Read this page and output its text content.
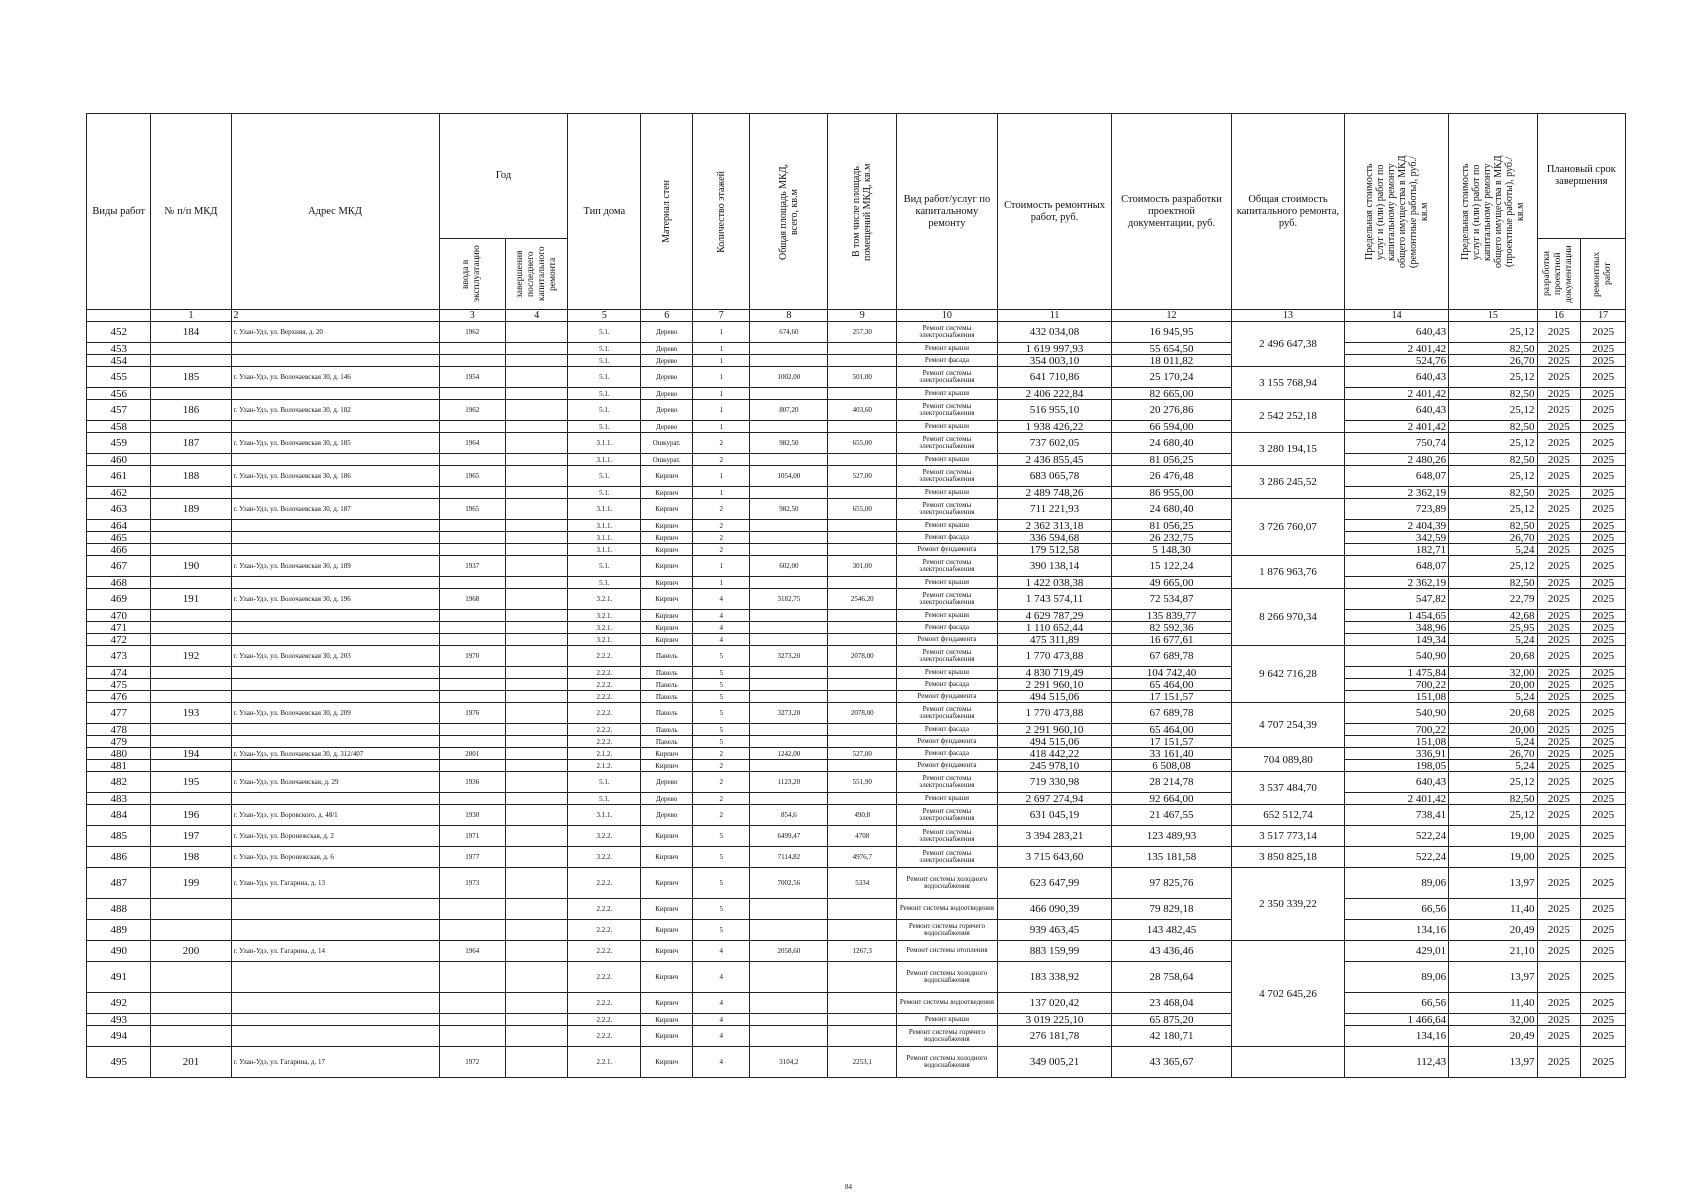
Виды работ	№ п/п МКД	Адрес МКД	Год		Тип дома	Материал стен	Количество этажей	Общая площадь МКД, всего, кв.м	В том числе площадь помещений МКД, кв.м	Вид работ/услуг по капитальному ремонту	Стоимость ремонтных работ, руб.	Стоимость разработки проектной документации, руб.	Общая стоимость капитального ремонта, руб.	Предельная стоимость услуг и (или) работ по капитальному ремонту общего имущества в МКД (ремонтные работы), руб./кв.м	Предельная стоимость услуг и (или) работ по капитальному ремонту общего имущества в МКД (проектные работы), руб./кв.м	Плановый срок завершения	

			ввода в эксплуатацию	завершения последнего капитального ремонта												разработки проектной документации	ремонтных работ

	1	2	3	4	5	6	7	8	9	10	11	12	13	14	15	16	17
452	184	г. Улан-Удэ, ул. Верхняя, д. 20	1962		5.1.	Дерево	1	674,60	257,30	Ремонт системы электроснабжения	432 034,08	16 945,95	2 496 647,38	640,43	25,12	2025	2025
453					5.1.	Дерево	1			Ремонт крыши	1 619 997,93	55 654,50		2 401,42	82,50	2025	2025
454					5.1.	Дерево	1			Ремонт фасада	354 003,10	18 011,82		524,76	26,70	2025	2025
455	185	г. Улан-Удэ, ул. Волочаевская 30, д. 146	1954		5.1.	Дерево	1	1002,00	501,00	Ремонт системы электроснабжения	641 710,86	25 170,24	3 155 768,94	640,43	25,12	2025	2025
456					5.1.	Дерево	1			Ремонт крыши	2 406 222,84	82 665,00		2 401,42	82,50	2025	2025
457	186	г. Улан-Удэ, ул. Волочаевская 30, д. 182	1962		5.1.	Дерево	1	807,20	403,60	Ремонт системы электроснабжения	516 955,10	20 276,86	2 542 252,18	640,43	25,12	2025	2025
458					5.1.	Дерево	1			Ремонт крыши	1 938 426,22	66 594,00		2 401,42	82,50	2025	2025
459	187	г. Улан-Удэ, ул. Волочаевская 30, д. 185	1964		3.1.1.	Ошкурат.	2	982,50	655,00	Ремонт системы электроснабжения	737 602,05	24 680,40	3 280 194,15	750,74	25,12	2025	2025
460					3.1.1.	Ошкурат.	2			Ремонт крыши	2 436 855,45	81 056,25		2 480,26	82,50	2025	2025
461	188	г. Улан-Удэ, ул. Волочаевская 30, д. 186	1965		5.1.	Кирпич	1	1054,00	527,00	Ремонт системы электроснабжения	683 065,78	26 476,48	3 286 245,52	648,07	25,12	2025	2025
462					5.1.	Кирпич	1			Ремонт крыши	2 489 748,26	86 955,00		2 362,19	82,50	2025	2025
463	189	г. Улан-Удэ, ул. Волочаевская 30, д. 187	1965		3.1.1.	Кирпич	2	982,50	655,00	Ремонт системы электроснабжения	711 221,93	24 680,40	3 726 760,07	723,89	25,12	2025	2025
464					3.1.1.	Кирпич	2			Ремонт крыши	2 362 313,18	81 056,25		2 404,39	82,50	2025	2025
465					3.1.1.	Кирпич	2			Ремонт фасада	336 594,68	26 232,75		342,59	26,70	2025	2025
466					3.1.1.	Кирпич	2			Ремонт фундамента	179 512,58	5 148,30		182,71	5,24	2025	2025
467	190	г. Улан-Удэ, ул. Волочаевская 30, д. 189	1937		5.1.	Кирпич	1	602,00	301,00	Ремонт системы электроснабжения	390 138,14	15 122,24	1 876 963,76	648,07	25,12	2025	2025
468					5.1.	Кирпич	1			Ремонт крыши	1 422 038,38	49 665,00		2 362,19	82,50	2025	2025
469	191	г. Улан-Удэ, ул. Волочаевская 30, д. 196	1968		3.2.1.	Кирпич	4	3182,75	2546,20	Ремонт системы электроснабжения	1 743 574,11	72 534,87	8 266 970,34	547,82	22,79	2025	2025
470					3.2.1.	Кирпич	4			Ремонт крыши	4 629 787,29	135 839,77		1 454,65	42,68	2025	2025
471					3.2.1.	Кирпич	4			Ремонт фасада	1 110 652,44	82 592,36		348,96	25,95	2025	2025
472					3.2.1.	Кирпич	4			Ремонт фундамента	475 311,89	16 677,61		149,34	5,24	2025	2025
473	192	г. Улан-Удэ, ул. Волочаевская 30, д. 203	1970		2.2.2.	Панель	5	3273,20	2078,00	Ремонт системы электроснабжения	1 770 473,88	67 689,78	9 642 716,28	540,90	20,68	2025	2025
474					2.2.2.	Панель	5			Ремонт крыши	4 830 719,49	104 742,40		1 475,84	32,00	2025	2025
475					2.2.2.	Панель	5			Ремонт фасада	2 291 960,10	65 464,00		700,22	20,00	2025	2025
476					2.2.2.	Панель	5			Ремонт фундамента	494 515,06	17 151,57		151,08	5,24	2025	2025
477	193	г. Улан-Удэ, ул. Волочаевская 30, д. 209	1976		2.2.2.	Панель	5	3273,20	2078,00	Ремонт системы электроснабжения	1 770 473,88	67 689,78	4 707 254,39	540,90	20,68	2025	2025
478					2.2.2.	Панель	5			Ремонт фасада	2 291 960,10	65 464,00		700,22	20,00	2025	2025
479					2.2.2.	Панель	5			Ремонт фундамента	494 515,06	17 151,57		151,08	5,24	2025	2025
480	194	г. Улан-Удэ, ул. Волочаевская 30, д. 312/407	2001		2.1.2.	Кирпич	2	1242,00	527,00	Ремонт фасада	418 442,22	33 161,40	704 089,80	336,91	26,70	2025	2025
481					2.1.2.	Кирпич	2			Ремонт фундамента	245 978,10	6 508,08		198,05	5,24	2025	2025
482	195	г. Улан-Удэ, ул. Волочаевская, д. 29	1936		5.1.	Дерево	2	1123,20	551,90	Ремонт системы электроснабжения	719 330,98	28 214,78	3 537 484,70	640,43	25,12	2025	2025
483					5.1.	Дерево	2			Ремонт крыши	2 697 274,94	92 664,00		2 401,42	82,50	2025	2025
484	196	г. Улан-Удэ, ул. Воровского, д. 48/1	1930		3.1.1.	Дерево	2	854,6	490,8	Ремонт системы электроснабжения	631 045,19	21 467,55	652 512,74	738,41	25,12	2025	2025
485	197	г. Улан-Удэ, ул. Воронежская, д. 2	1971		3.2.2.	Кирпич	5	6499,47	4708	Ремонт системы электроснабжения	3 394 283,21	123 489,93	3 517 773,14	522,24	19,00	2025	2025
486	198	г. Улан-Удэ, ул. Воронежская, д. 6	1977		3.2.2.	Кирпич	5	7114,82	4976,7	Ремонт системы электроснабжения	3 715 643,60	135 181,58	3 850 825,18	522,24	19,00	2025	2025
487	199	г. Улан-Удэ, ул. Гагарина, д. 13	1973		2.2.2.	Кирпич	5	7002,56	5334	Ремонт системы холодного водоснабжения	623 647,99	97 825,76	2 350 339,22	89,06	13,97	2025	2025
488					2.2.2.	Кирпич	5			Ремонт системы водоотведения	466 090,39	79 829,18		66,56	11,40	2025	2025
489					2.2.2.	Кирпич	5			Ремонт системы горячего водоснабжения	939 463,45	143 482,45		134,16	20,49	2025	2025
490	200	г. Улан-Удэ, ул. Гагарина, д. 14	1964		2.2.2.	Кирпич	4	2058,60	1267,3	Ремонт системы отопления	883 159,99	43 436,46	4 702 645,26	429,01	21,10	2025	2025
491					2.2.2.	Кирпич	4			Ремонт системы холодного водоснабжения	183 338,92	28 758,64		89,06	13,97	2025	2025
492					2.2.2.	Кирпич	4			Ремонт системы водоотведения	137 020,42	23 468,04		66,56	11,40	2025	2025
493					2.2.2.	Кирпич	4			Ремонт крыши	3 019 225,10	65 875,20		1 466,64	32,00	2025	2025
494					2.2.2.	Кирпич	4			Ремонт системы горячего водоснабжения	276 181,78	42 180,71		134,16	20,49	2025	2025
495	201	г. Улан-Удэ, ул. Гагарина, д. 17	1972		2.2.1.	Кирпич	4	3104,2	2253,1	Ремонт системы холодного водоснабжения	349 005,21	43 365,67		112,43	13,97	2025	2025
84
